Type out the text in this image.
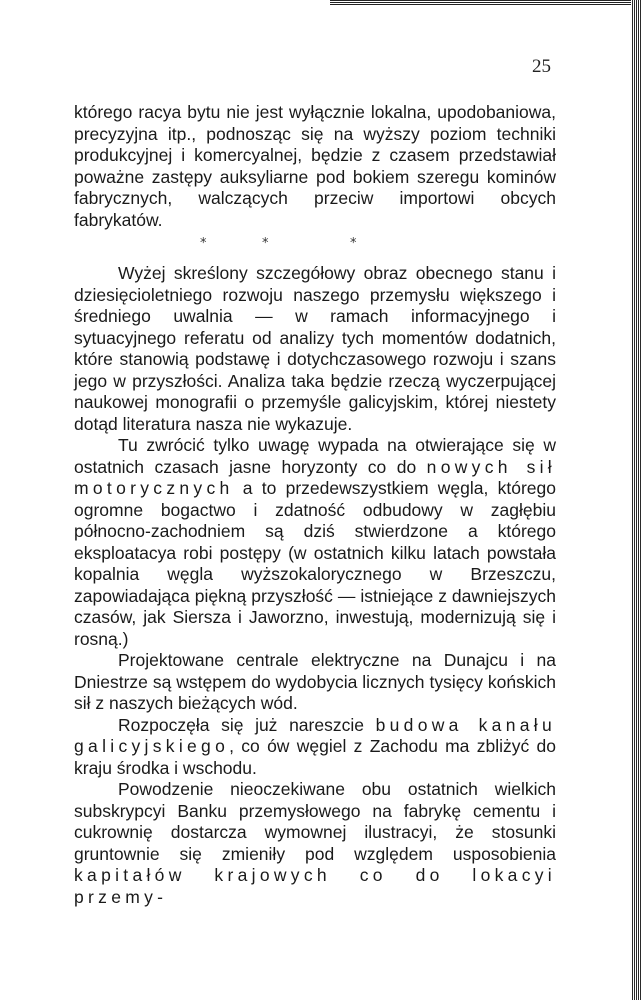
25

którego racya bytu nie jest wyłącznie lokalna, upodobaniowa, precyzyjna itp., podnosząc się na wyższy poziom techniki produkcyjnej i komercyalnej, będzie z czasem przedstawiał poważne zastępy auksyliarne pod bokiem szeregu kominów fabrycznych, walczących przeciw importowi obcych fabrykatów.

*	*	*

Wyżej skreślony szczegółowy obraz obecnego stanu i dziesięcioletniego rozwoju naszego przemysłu większego i średniego uwalnia — w ramach informacyjnego i sytuacyjnego referatu od analizy tych momentów dodatnich, które stanowią podstawę i dotychczasowego rozwoju i szans jego w przyszłości. Analiza taka będzie rzeczą wyczerpującej naukowej monografii o przemyśle galicyjskim, której niestety dotąd literatura nasza nie wykazuje.

Tu zwrócić tylko uwagę wypada na otwierające się w ostatnich czasach jasne horyzonty co do nowych sił motorycznych a to przedewszystkiem węgla, którego ogromne bogactwo i zdatność odbudowy w zagłębiu północno-zachodniem są dziś stwierdzone a którego eksploatacya robi postępy (w ostatnich kilku latach powstała kopalnia węgla wyższokalorycznego w Brzeszczu, zapowiadająca piękną przyszłość — istniejące z dawniejszych czasów, jak Siersza i Jaworzno, inwestują, modernizują się i rosną.)

Projektowane centrale elektryczne na Dunajcu i na Dniestrze są wstępem do wydobycia licznych tysięcy końskich sił z naszych bieżących wód.

Rozpoczęła się już nareszcie budowa kanału galicyjskiego, co ów węgiel z Zachodu ma zbliżyć do kraju środka i wschodu.

Powodzenie nieoczekiwane obu ostatnich wielkich subskrypcyi Banku przemysłowego na fabrykę cementu i cukrownię dostarcza wymownej ilustracyi, że stosunki gruntownie się zmieniły pod względem usposobienia kapitałów krajowych co do lokacyi przemy-
